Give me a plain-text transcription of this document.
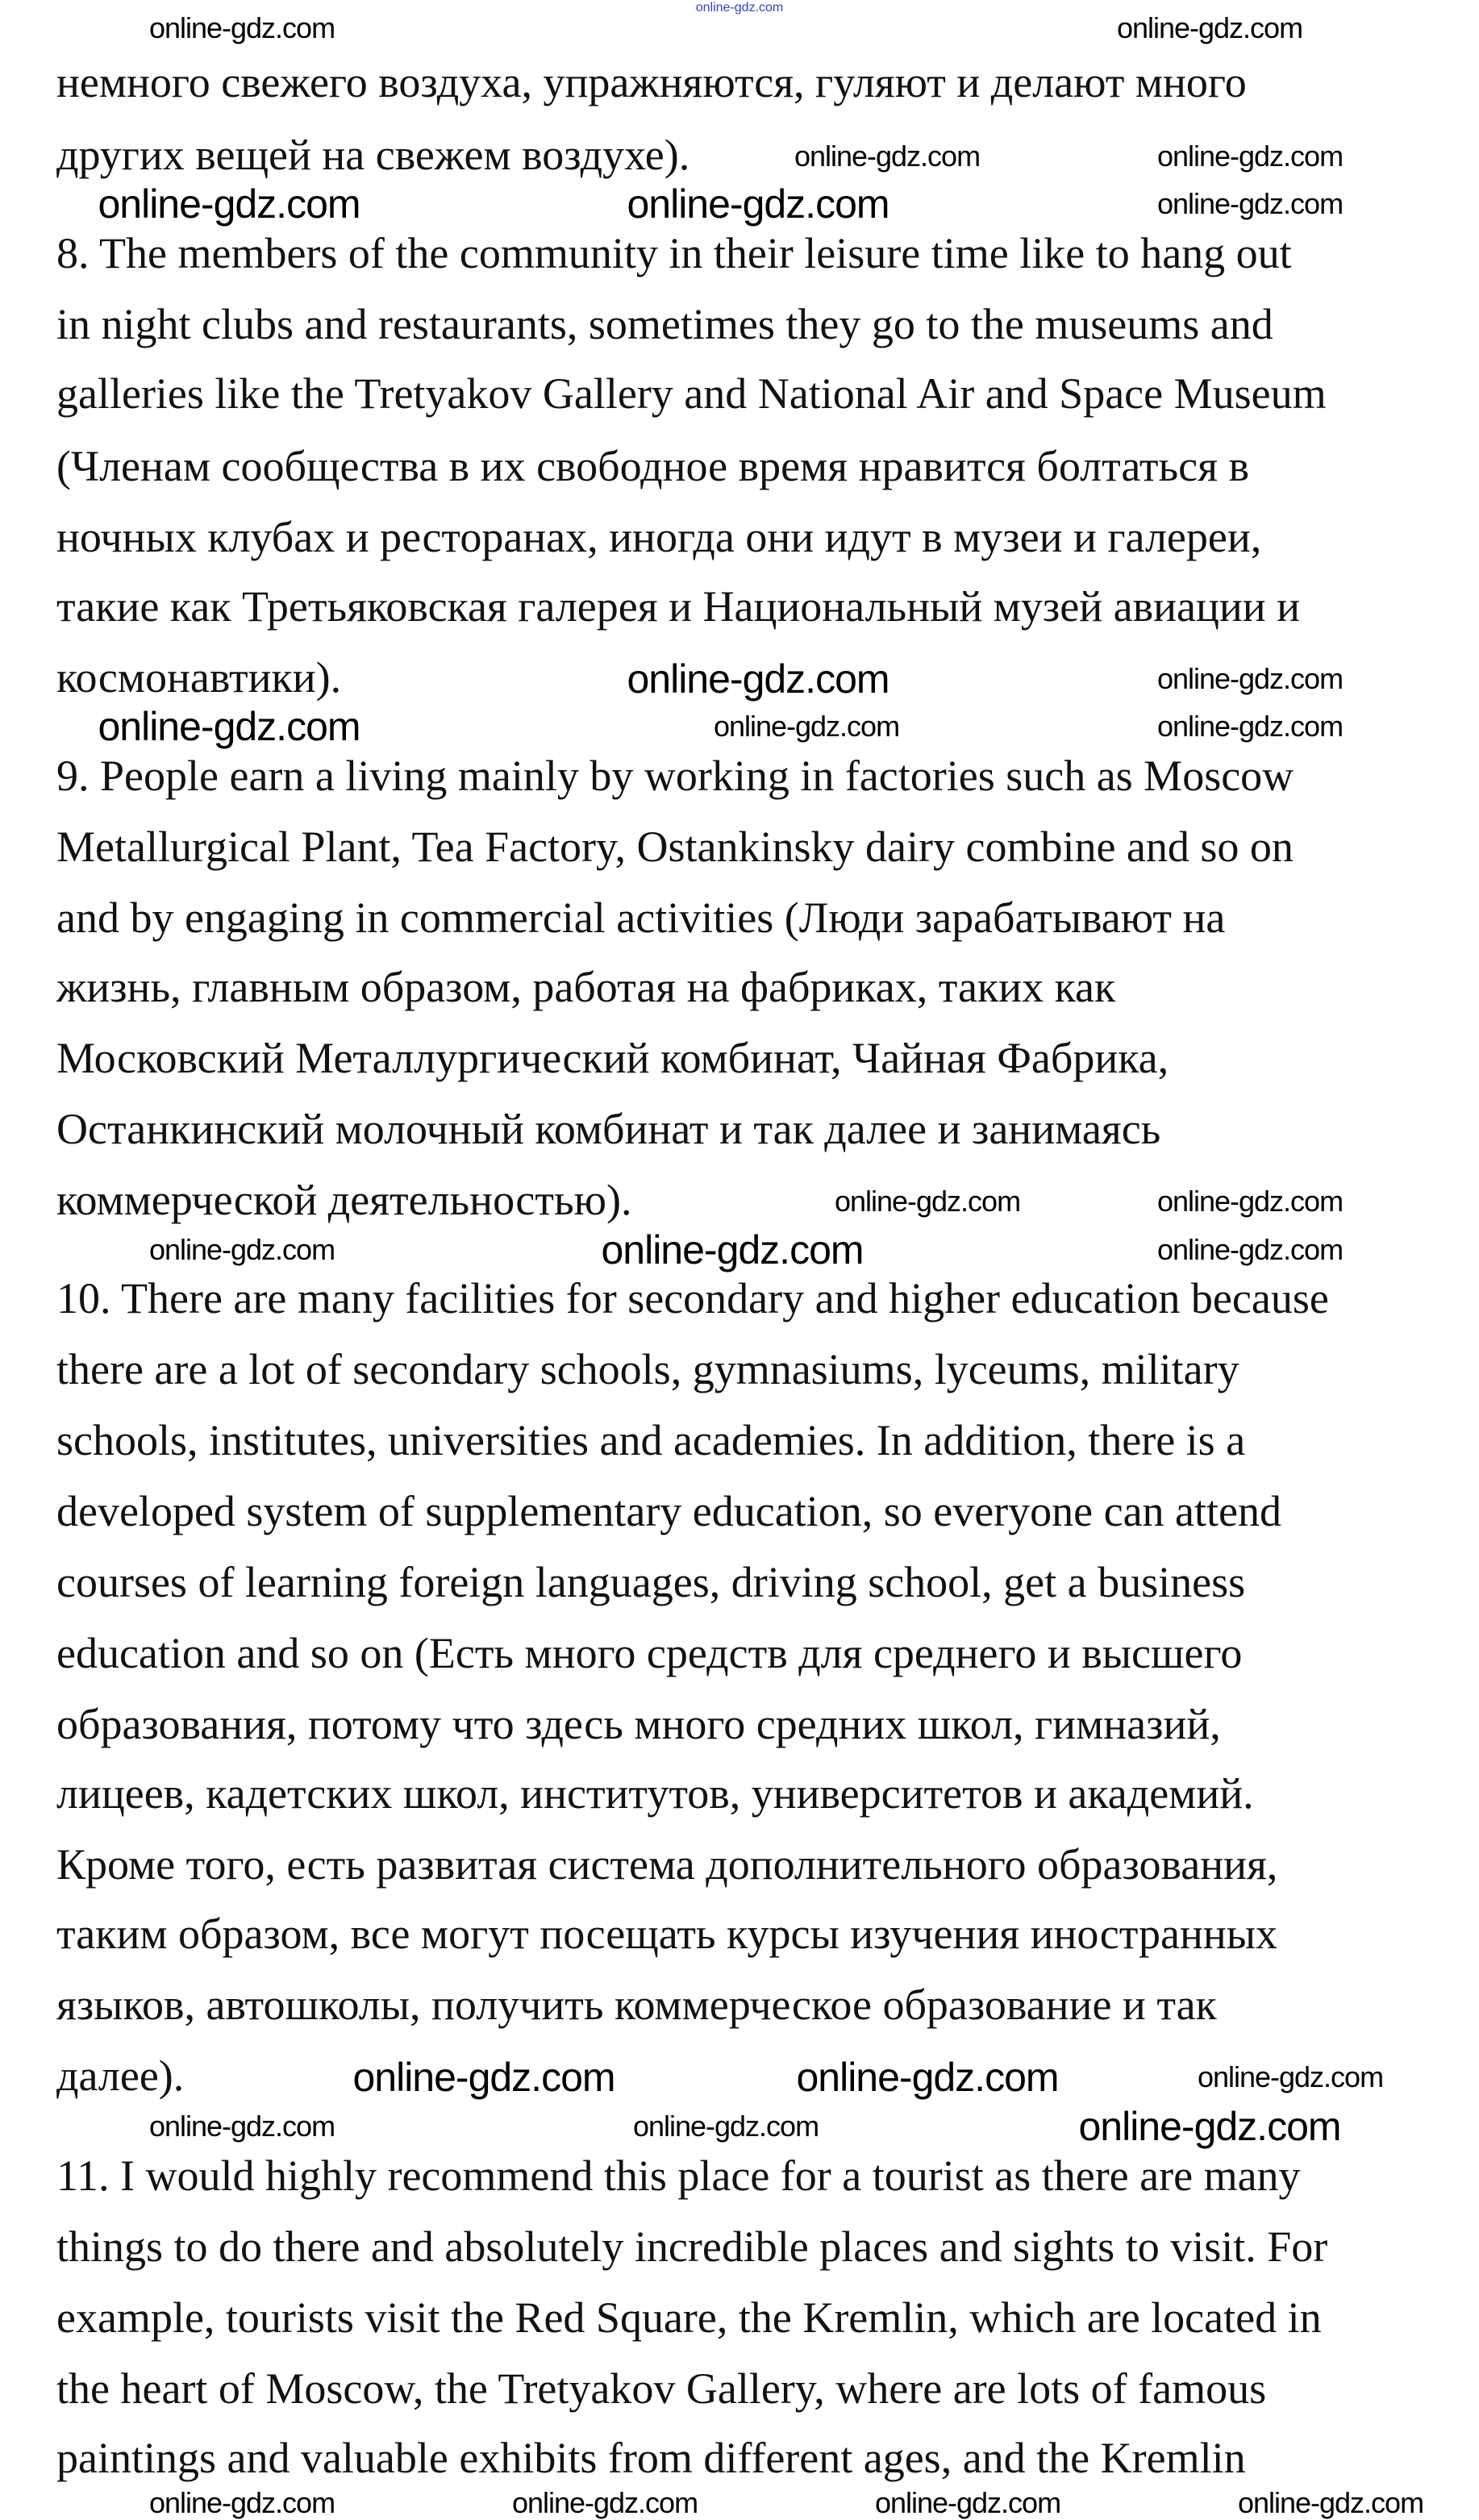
немного свежего воздуха, упражняются, гуляют и делают много
других вещей на свежем воздухе).
8. The members of the community in their leisure time like to hang out
in night clubs and restaurants, sometimes they go to the museums and
galleries like the Tretyakov Gallery and National Air and Space Museum
(Членам сообщества в их свободное время нравится болтаться в
ночных клубах и ресторанах, иногда они идут в музеи и галереи,
такие как Третьяковская галерея и Национальный музей авиации и
космонавтики).
9. People earn a living mainly by working in factories such as Moscow
Metallurgical Plant, Tea Factory, Ostankinsky dairy combine and so on
and by engaging in commercial activities (Люди зарабатывают на
жизнь, главным образом, работая на фабриках, таких как
Московский Металлургический комбинат, Чайная Фабрика,
Останкинский молочный комбинат и так далее и занимаясь
коммерческой деятельностью).
10. There are many facilities for secondary and higher education because
there are a lot of secondary schools, gymnasiums, lyceums, military
schools, institutes, universities and academies. In addition, there is a
developed system of supplementary education, so everyone can attend
courses of learning foreign languages, driving school, get a business
education and so on (Есть много средств для среднего и высшего
образования, потому что здесь много средних школ, гимназий,
лицеев, кадетских школ, институтов, университетов и академий.
Кроме того, есть развитая система дополнительного образования,
таким образом, все могут посещать курсы изучения иностранных
языков, автошколы, получить коммерческое образование и так
далее).
11. I would highly recommend this place for a tourist as there are many
things to do there and absolutely incredible places and sights to visit. For
example, tourists visit the Red Square, the Kremlin, which are located in
the heart of Moscow, the Tretyakov Gallery, where are lots of famous
paintings and valuable exhibits from different ages, and the Kremlin
online-gdz.com
online-gdz.com	online-gdz.com
online-gdz.com	online-gdz.com
online-gdz.com	online-gdz.com	online-gdz.com
online-gdz.com	online-gdz.com
online-gdz.com	online-gdz.com	online-gdz.com
online-gdz.com	online-gdz.com
online-gdz.com
online-gdz.com	online-gdz.com
online-gdz.com	online-gdz.com	online-gdz.com
online-gdz.com	online-gdz.com	online-gdz.com
online-gdz.com	online-gdz.com	online-gdz.com	online-gdz.com
